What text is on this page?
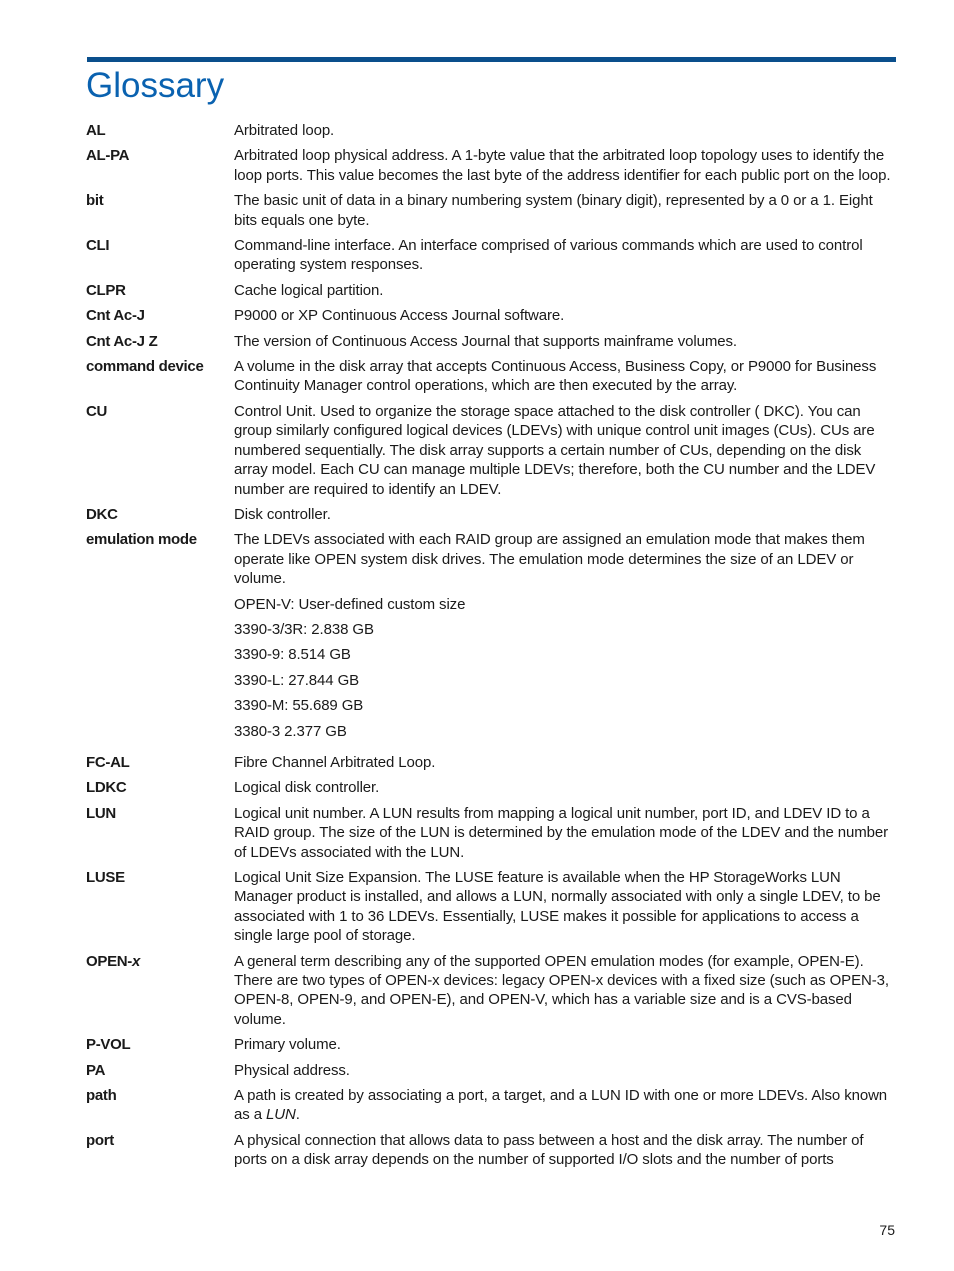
Glossary
AL	Arbitrated loop.

AL-PA	Arbitrated loop physical address. A 1-byte value that the arbitrated loop topology uses to identify the loop ports. This value becomes the last byte of the address identifier for each public port on the loop.

bit	The basic unit of data in a binary numbering system (binary digit), represented by a 0 or a 1. Eight bits equals one byte.

CLI	Command-line interface. An interface comprised of various commands which are used to control operating system responses.

CLPR	Cache logical partition.

Cnt Ac-J	P9000 or XP Continuous Access Journal software.

Cnt Ac-J Z	The version of Continuous Access Journal that supports mainframe volumes.

command device	A volume in the disk array that accepts Continuous Access, Business Copy, or P9000 for Business Continuity Manager control operations, which are then executed by the array.

CU	Control Unit. Used to organize the storage space attached to the disk controller ( DKC). You can group similarly configured logical devices (LDEVs) with unique control unit images (CUs). CUs are numbered sequentially. The disk array supports a certain number of CUs, depending on the disk array model. Each CU can manage multiple LDEVs; therefore, both the CU number and the LDEV number are required to identify an LDEV.

DKC	Disk controller.

emulation mode	The LDEVs associated with each RAID group are assigned an emulation mode that makes them operate like OPEN system disk drives. The emulation mode determines the size of an LDEV or volume.

OPEN-V: User-defined custom size

3390-3/3R: 2.838 GB

3390-9: 8.514 GB

3390-L: 27.844 GB

3390-M: 55.689 GB

3380-3 2.377 GB

FC-AL	Fibre Channel Arbitrated Loop.

LDKC	Logical disk controller.

LUN	Logical unit number. A LUN results from mapping a logical unit number, port ID, and LDEV ID to a RAID group. The size of the LUN is determined by the emulation mode of the LDEV and the number of LDEVs associated with the LUN.

LUSE	Logical Unit Size Expansion. The LUSE feature is available when the HP StorageWorks LUN Manager product is installed, and allows a LUN, normally associated with only a single LDEV, to be associated with 1 to 36 LDEVs. Essentially, LUSE makes it possible for applications to access a single large pool of storage.

OPEN-x	A general term describing any of the supported OPEN emulation modes (for example, OPEN-E). There are two types of OPEN-x devices: legacy OPEN-x devices with a fixed size (such as OPEN-3, OPEN-8, OPEN-9, and OPEN-E), and OPEN-V, which has a variable size and is a CVS-based volume.

P-VOL	Primary volume.

PA	Physical address.

path	A path is created by associating a port, a target, and a LUN ID with one or more LDEVs. Also known as a LUN.

port	A physical connection that allows data to pass between a host and the disk array. The number of ports on a disk array depends on the number of supported I/O slots and the number of ports

75
